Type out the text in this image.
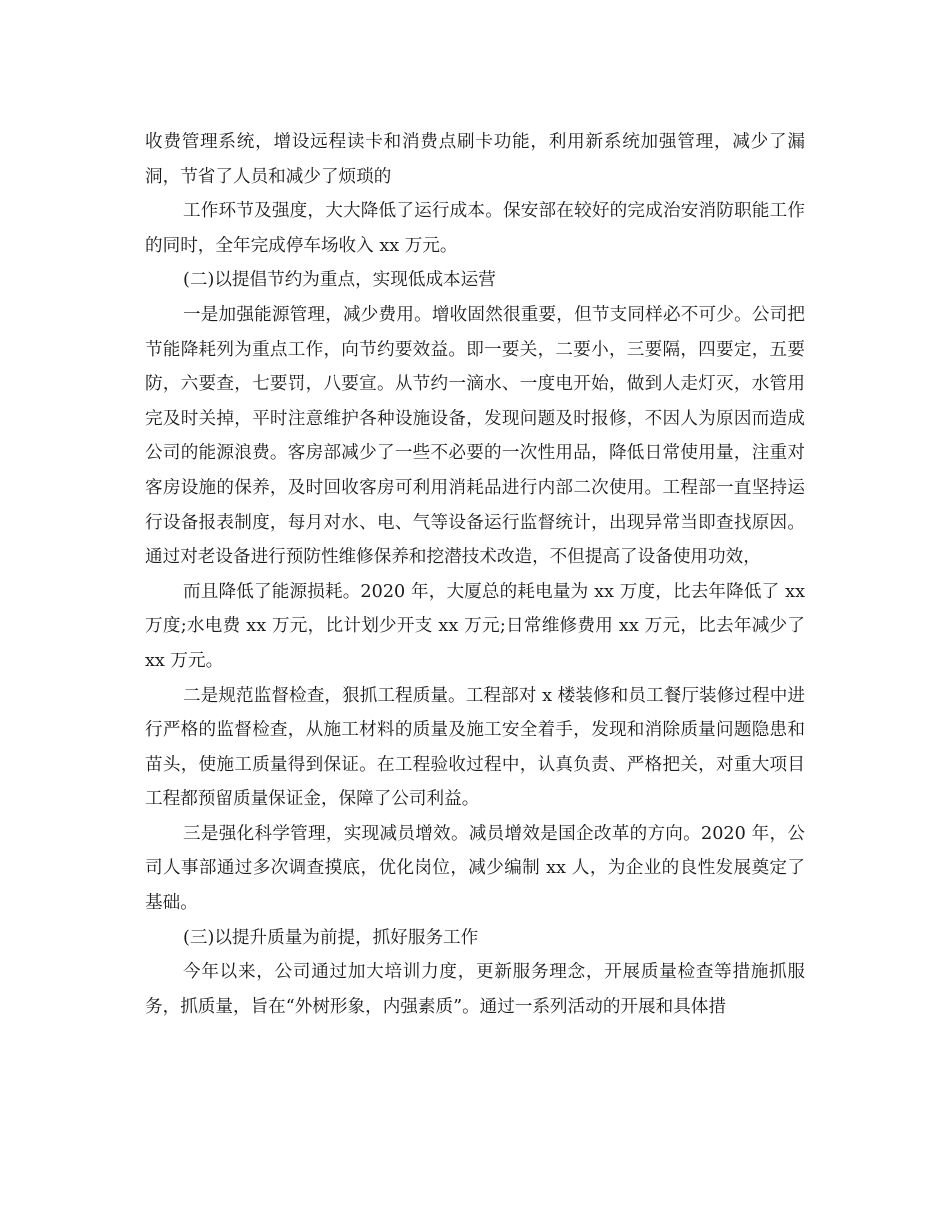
收费管理系统，增设远程读卡和消费点刷卡功能，利用新系统加强管理，减少了漏洞，节省了人员和减少了烦琐的

工作环节及强度，大大降低了运行成本。保安部在较好的完成治安消防职能工作的同时，全年完成停车场收入 xx 万元。

(二)以提倡节约为重点，实现低成本运营

一是加强能源管理，减少费用。增收固然很重要，但节支同样必不可少。公司把节能降耗列为重点工作，向节约要效益。即一要关，二要小，三要隔，四要定，五要防，六要查，七要罚，八要宣。从节约一滴水、一度电开始，做到人走灯灭，水管用完及时关掉，平时注意维护各种设施设备，发现问题及时报修，不因人为原因而造成公司的能源浪费。客房部减少了一些不必要的一次性用品，降低日常使用量，注重对客房设施的保养，及时回收客房可利用消耗品进行内部二次使用。工程部一直坚持运行设备报表制度，每月对水、电、气等设备运行监督统计，出现异常当即查找原因。通过对老设备进行预防性维修保养和挖潜技术改造，不但提高了设备使用功效，

而且降低了能源损耗。2020 年，大厦总的耗电量为 xx 万度，比去年降低了 xx 万度;水电费 xx 万元，比计划少开支 xx 万元;日常维修费用 xx 万元，比去年减少了 xx 万元。

二是规范监督检查，狠抓工程质量。工程部对 x 楼装修和员工餐厅装修过程中进行严格的监督检查，从施工材料的质量及施工安全着手，发现和消除质量问题隐患和苗头，使施工质量得到保证。在工程验收过程中，认真负责、严格把关，对重大项目工程都预留质量保证金，保障了公司利益。

三是强化科学管理，实现减员增效。减员增效是国企改革的方向。2020 年，公司人事部通过多次调查摸底，优化岗位，减少编制 xx 人，为企业的良性发展奠定了基础。

(三)以提升质量为前提，抓好服务工作

今年以来，公司通过加大培训力度，更新服务理念，开展质量检查等措施抓服务，抓质量，旨在“外树形象，内强素质”。通过一系列活动的开展和具体措
